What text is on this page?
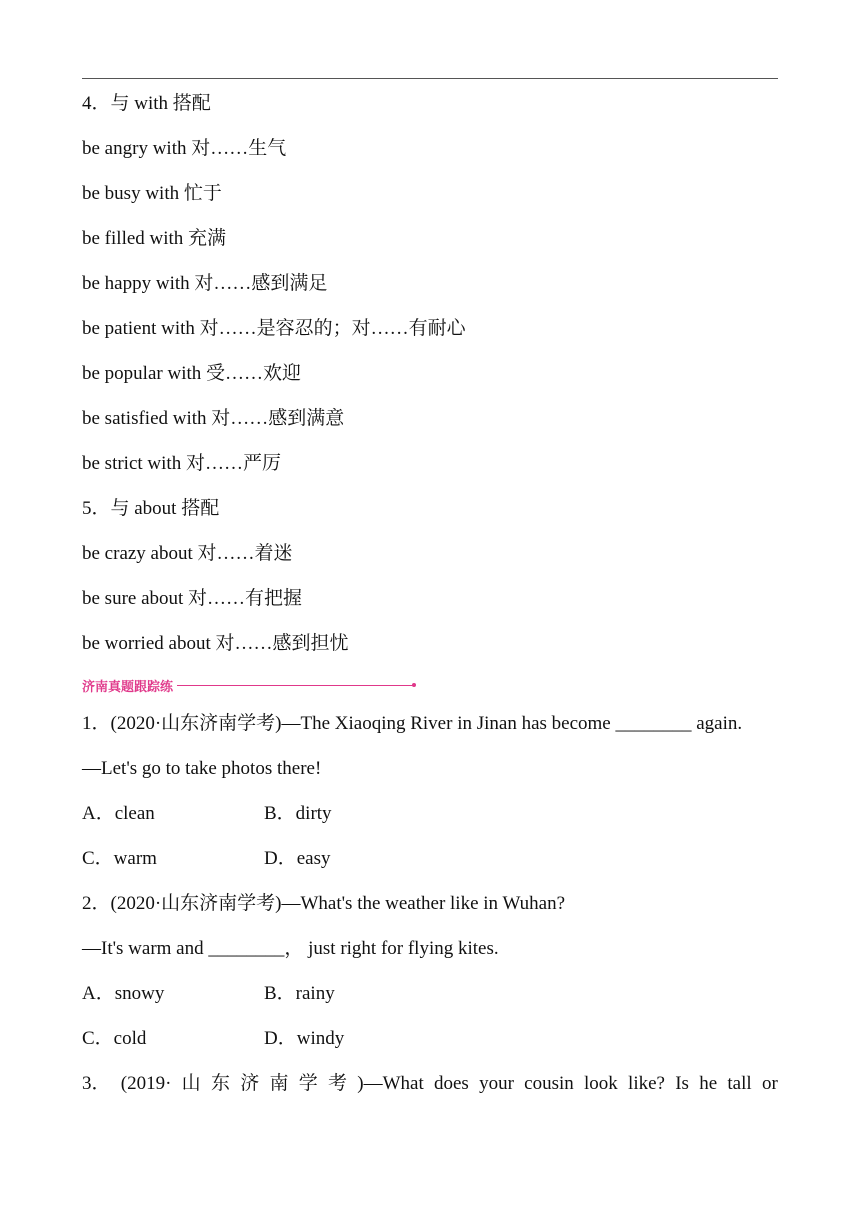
4．与 with 搭配
be angry with 对……生气
be busy with 忙于
be filled with 充满
be happy with 对……感到满足
be patient with 对……是容忍的；对……有耐心
be popular with 受……欢迎
be satisfied with 对……感到满意
be strict with 对……严厉
5．与 about 搭配
be crazy about 对……着迷
be sure about 对……有把握
be worried about 对……感到担忧
济南真题跟踪练
1．(2020·山东济南学考)—The Xiaoqing River in Jinan has become ________ again.
—Let's go to take photos there!
A．clean	B．dirty
C．warm	D．easy
2．(2020·山东济南学考)—What's the weather like in Wuhan?
—It's warm and ________， just right for flying kites.
A．snowy	B．rainy
C．cold	D．windy
3． (2019· 山 东 济 南 学 考 )—What does your cousin look like? Is he tall or
